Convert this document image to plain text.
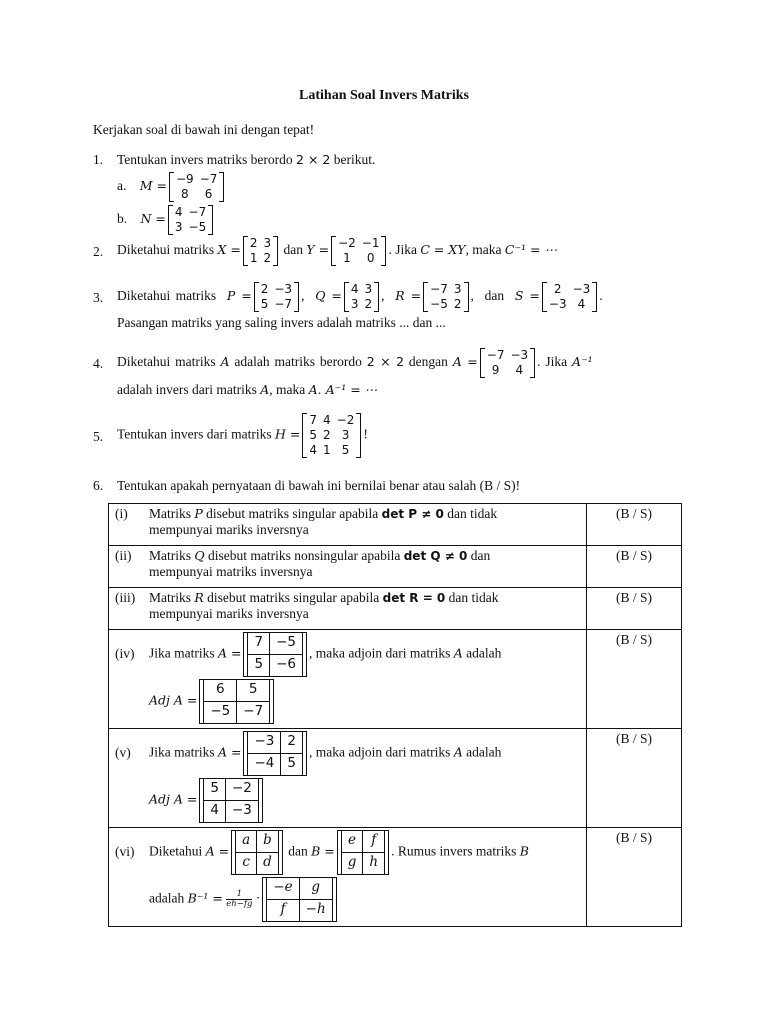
Latihan Soal Invers Matriks
Kerjakan soal di bawah ini dengan tepat!
1.	Tentukan invers matriks berordo 2 × 2 berikut.
a. M = −9	−7
8	6
b. N = 4	−7
3	−5
2.	Diketahui matriks X = 2	3
1	2
dan Y = −2	−1
1	0
. Jika C = XY, maka C⁻¹ = ⋯
3.	Diketahui matriks P = 2	−3
5	−7
,  Q = 4	3
3	2
,  R = −7	3
−5	2
,  dan S = 2	−3
−3	4
.
Pasangan matriks yang saling invers adalah matriks ... dan ...
4.	Diketahui matriks A adalah matriks berordo 2 × 2 dengan A = −7	−3
9	4
. Jika A⁻¹
adalah invers dari matriks A, maka A. A⁻¹ = ⋯
5.	Tentukan invers dari matriks H =
7	4	−2
5	2	3
4	1	5
!
6.	Tentukan apakah pernyataan di bawah ini bernilai benar atau salah (B / S)!
(i) Matriks P disebut matriks singular apabila det P ≠ 0 dan tidak
mempunyai mariks inversnya
	(B / S)

(ii) Matriks Q disebut matriks nonsingular apabila det Q ≠ 0 dan
mempunyai matriks inversnya
	(B / S)

(iii) Matriks R disebut matriks singular apabila det R = 0 dan tidak
mempunyai mariks inversnya
	(B / S)

(iv) Jika matriks A =
7	−5
5	−6
, maka adjoin dari matriks A adalah
Adj A =
6	5
−5	−7
	(B / S)

(v) Jika matriks A =
−3	2
−4	5
, maka adjoin dari matriks A adalah
Adj A =
5	−2
4	−3
	(B / S)

(vi) Diketahui A =
a	b
c	d
dan B =
e	f
g	h
. Rumus invers matriks B
adalah $B^{-1} = \frac{1}{eh-fg}$ ·
−e	g
f	−h
	(B / S)
